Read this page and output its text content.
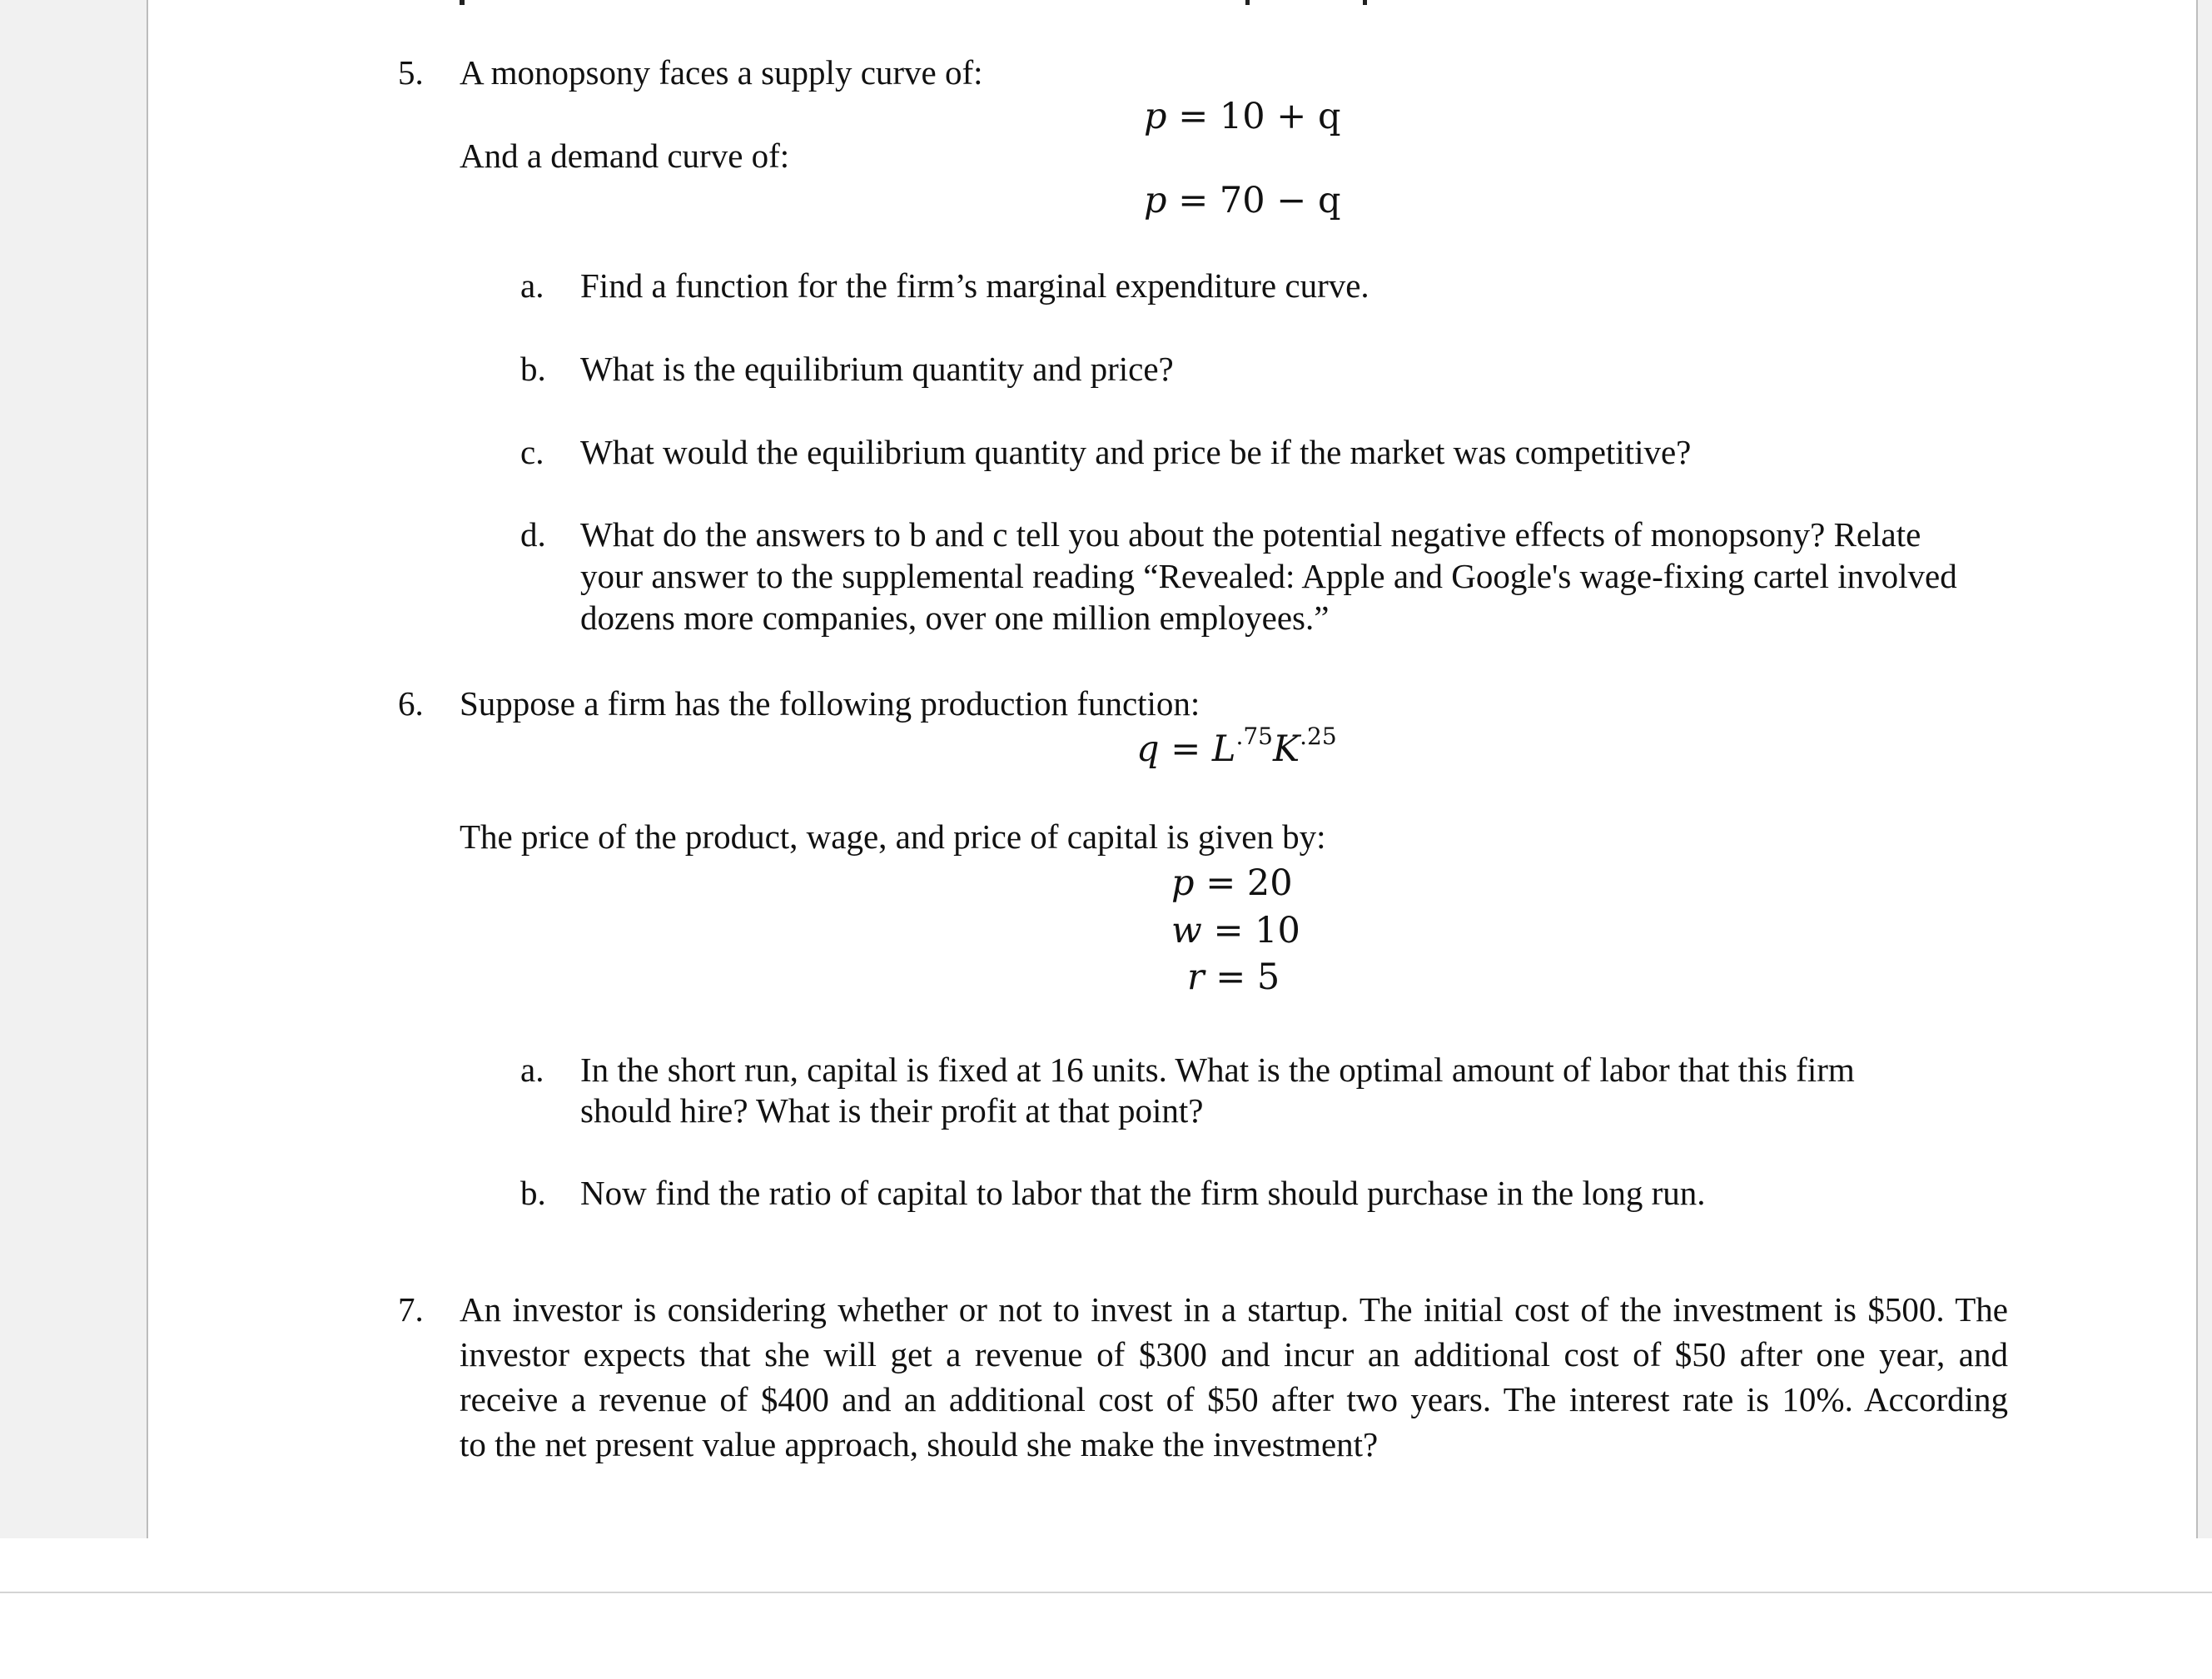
5. A monopsony faces a supply curve of:
p = 10 + q
And a demand curve of:
p = 70 − q
a. Find a function for the firm’s marginal expenditure curve.
b. What is the equilibrium quantity and price?
c. What would the equilibrium quantity and price be if the market was competitive?
d. What do the answers to b and c tell you about the potential negative effects of monopsony? Relate
your answer to the supplemental reading “Revealed: Apple and Google's wage-fixing cartel involved
dozens more companies, over one million employees.”
6. Suppose a firm has the following production function:
$q = L^{.75}K^{.25}$
The price of the product, wage, and price of capital is given by:
p = 20
w = 10
r = 5
a. In the short run, capital is fixed at 16 units. What is the optimal amount of labor that this firm
should hire? What is their profit at that point?
b. Now find the ratio of capital to labor that the firm should purchase in the long run.
7. An investor is considering whether or not to invest in a startup. The initial cost of the investment is $500. The
investor expects that she will get a revenue of $300 and incur an additional cost of $50 after one year, and
receive a revenue of $400 and an additional cost of $50 after two years. The interest rate is 10%. According
to the net present value approach, should she make the investment?
